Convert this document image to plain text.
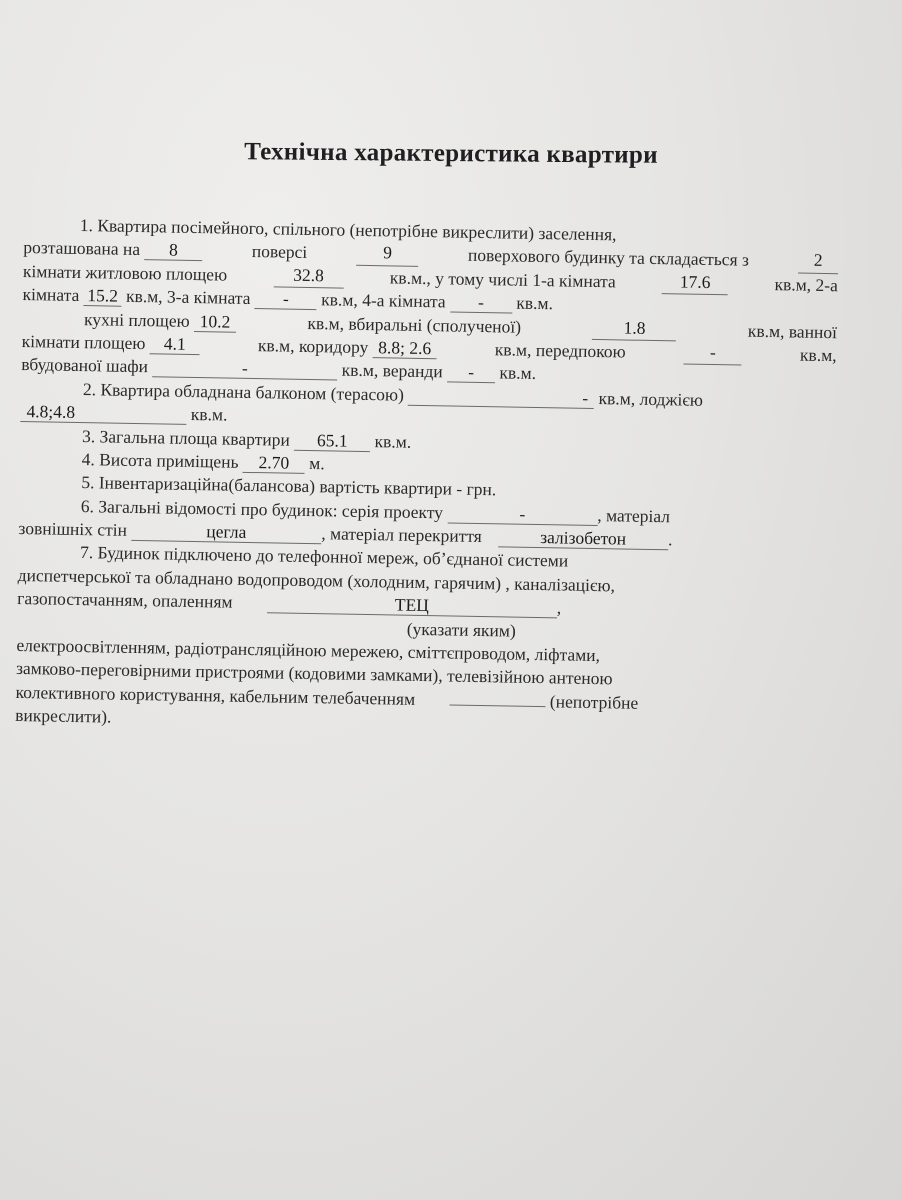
Технічна характеристика квартири
1. Квартира посімейного, спільного (непотрібне викреслити) заселення,
розташована на 8	поверсі	9	поверхового будинку та складається з	2
кімнати житловою площею	32.8	кв.м., у тому числі 1-а кімната	17.6	кв.м, 2-а
кімната 15.2 кв.м, 3-а кімната - кв.м, 4-а кімната - кв.м.
кухні площею 10.2	кв.м, вбиральні (сполученої)	1.8	кв.м, ванної
кімнати площею 4.1	кв.м, коридору 8.8; 2.6	кв.м, передпокою	-	кв.м,
вбудованої шафи	-	кв.м, веранди - кв.м.
2. Квартира обладнана балконом (терасою)	- кв.м, лоджією
4.8;4.8	кв.м.
3. Загальна площа квартири 65.1 кв.м.
4. Висота приміщень 2.70 м.
5. Інвентаризаційна(балансова) вартість квартири - грн.
6. Загальні відомості про будинок: серія проекту	-	, матеріал
зовнішніх стін	цегла	, матеріал перекриття	залізобетон .
7. Будинок підключено до телефонної мереж, об’єднаної системи
диспетчерської та обладнано водопроводом (холодним, гарячим) , каналізацією,
газопостачанням, опаленням	ТЕЦ	,
(указати яким)
електроосвітленням, радіотрансляційною мережею, сміттєпроводом, ліфтами,
замково-переговірними пристроями (кодовими замками), телевізійною антеною
колективного користування, кабельним телебаченням	(непотрібне
викреслити).
